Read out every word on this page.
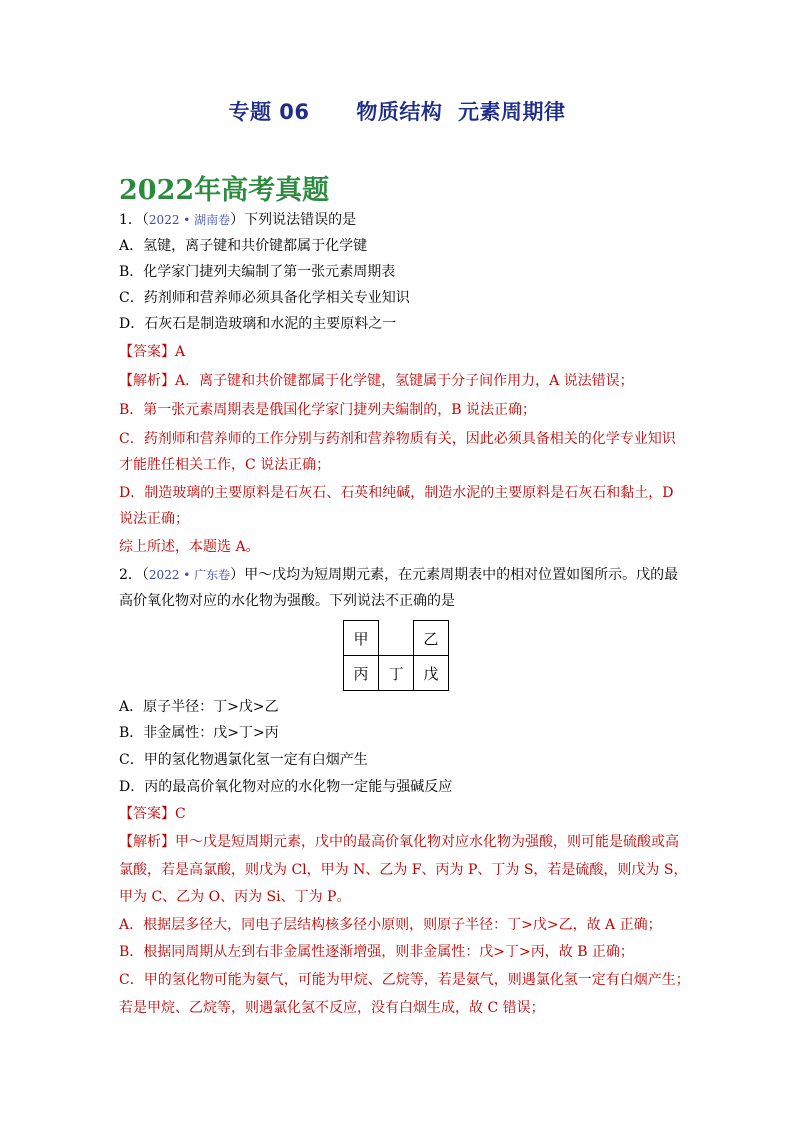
专题 06      物质结构  元素周期律
2022年高考真题
1．（2022 • 湖南卷）下列说法错误的是
A．氢键，离子键和共价键都属于化学键
B．化学家门捷列夫编制了第一张元素周期表
C．药剂师和营养师必须具备化学相关专业知识
D．石灰石是制造玻璃和水泥的主要原料之一
【答案】A
【解析】A．离子键和共价键都属于化学键，氢键属于分子间作用力，A 说法错误；
B．第一张元素周期表是俄国化学家门捷列夫编制的，B 说法正确；
C．药剂师和营养师的工作分别与药剂和营养物质有关，因此必须具备相关的化学专业知识
才能胜任相关工作，C 说法正确；
D．制造玻璃的主要原料是石灰石、石英和纯碱，制造水泥的主要原料是石灰石和黏土，D
说法正确；
综上所述，本题选 A。
2．（2022 • 广东卷）甲～戊均为短周期元素，在元素周期表中的相对位置如图所示。戊的最
高价氧化物对应的水化物为强酸。下列说法不正确的是
甲		乙
丙	丁	戊
A．原子半径：丁>戊>乙
B．非金属性：戊>丁>丙
C．甲的氢化物遇氯化氢一定有白烟产生
D．丙的最高价氧化物对应的水化物一定能与强碱反应
【答案】C
【解析】甲～戊是短周期元素，戊中的最高价氧化物对应水化物为强酸，则可能是硫酸或高
氯酸，若是高氯酸，则戊为 Cl，甲为 N、乙为 F、丙为 P、丁为 S，若是硫酸，则戊为 S，
甲为 C、乙为 O、丙为 Si、丁为 P。
A．根据层多径大，同电子层结构核多径小原则，则原子半径：丁>戊>乙，故 A 正确；
B．根据同周期从左到右非金属性逐渐增强，则非金属性：戊>丁>丙，故 B 正确；
C．甲的氢化物可能为氨气，可能为甲烷、乙烷等，若是氨气，则遇氯化氢一定有白烟产生；
若是甲烷、乙烷等，则遇氯化氢不反应，没有白烟生成，故 C 错误；
